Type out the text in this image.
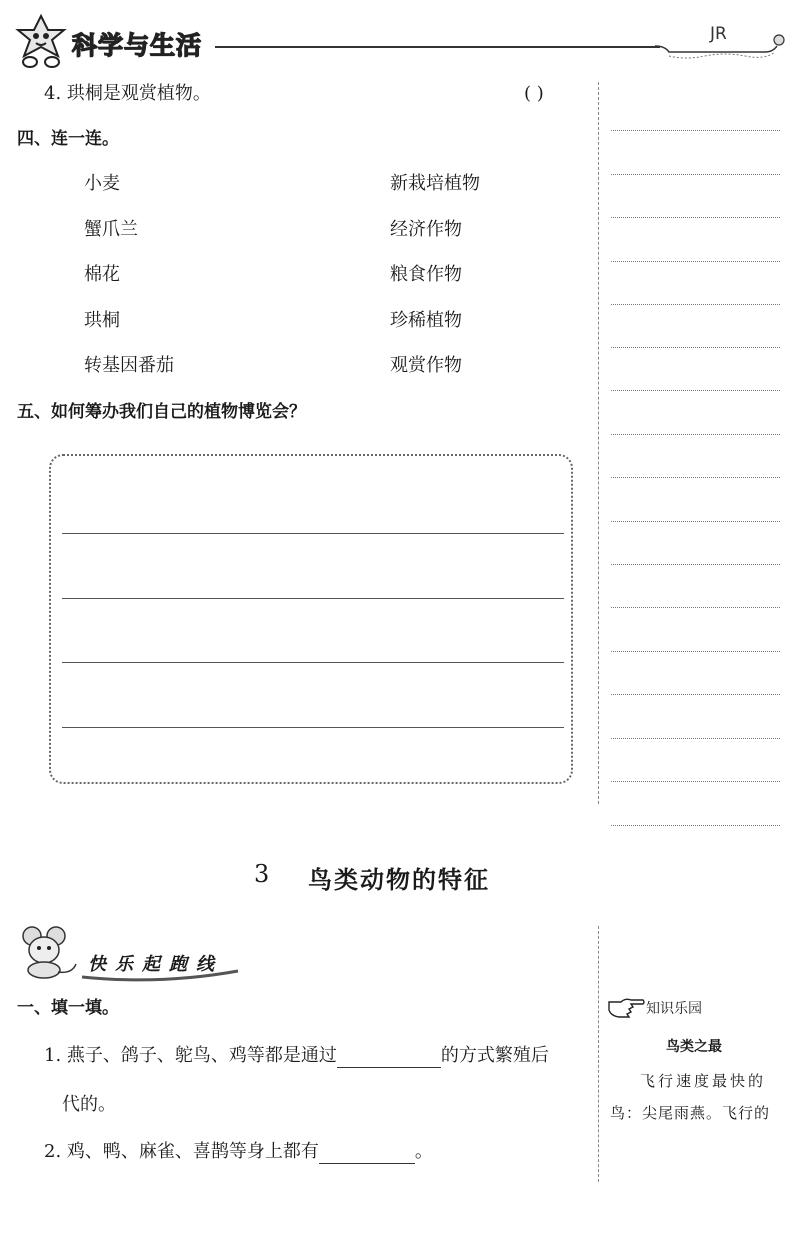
科学与生活	JR
4. 珙桐是观赏植物。	( )
四、连一连。
小麦
蟹爪兰
棉花
珙桐
转基因番茄
新栽培植物
经济作物
粮食作物
珍稀植物
观赏作物
五、如何筹办我们自己的植物博览会？
3 鸟类动物的特征
快乐起跑线
一、填一填。
1. 燕子、鸽子、鸵鸟、鸡等都是通过	的方式繁殖后
代的。
2. 鸡、鸭、麻雀、喜鹊等身上都有	。
知识乐园
鸟类之最
飞行速度最快的
鸟：尖尾雨燕。飞行的
